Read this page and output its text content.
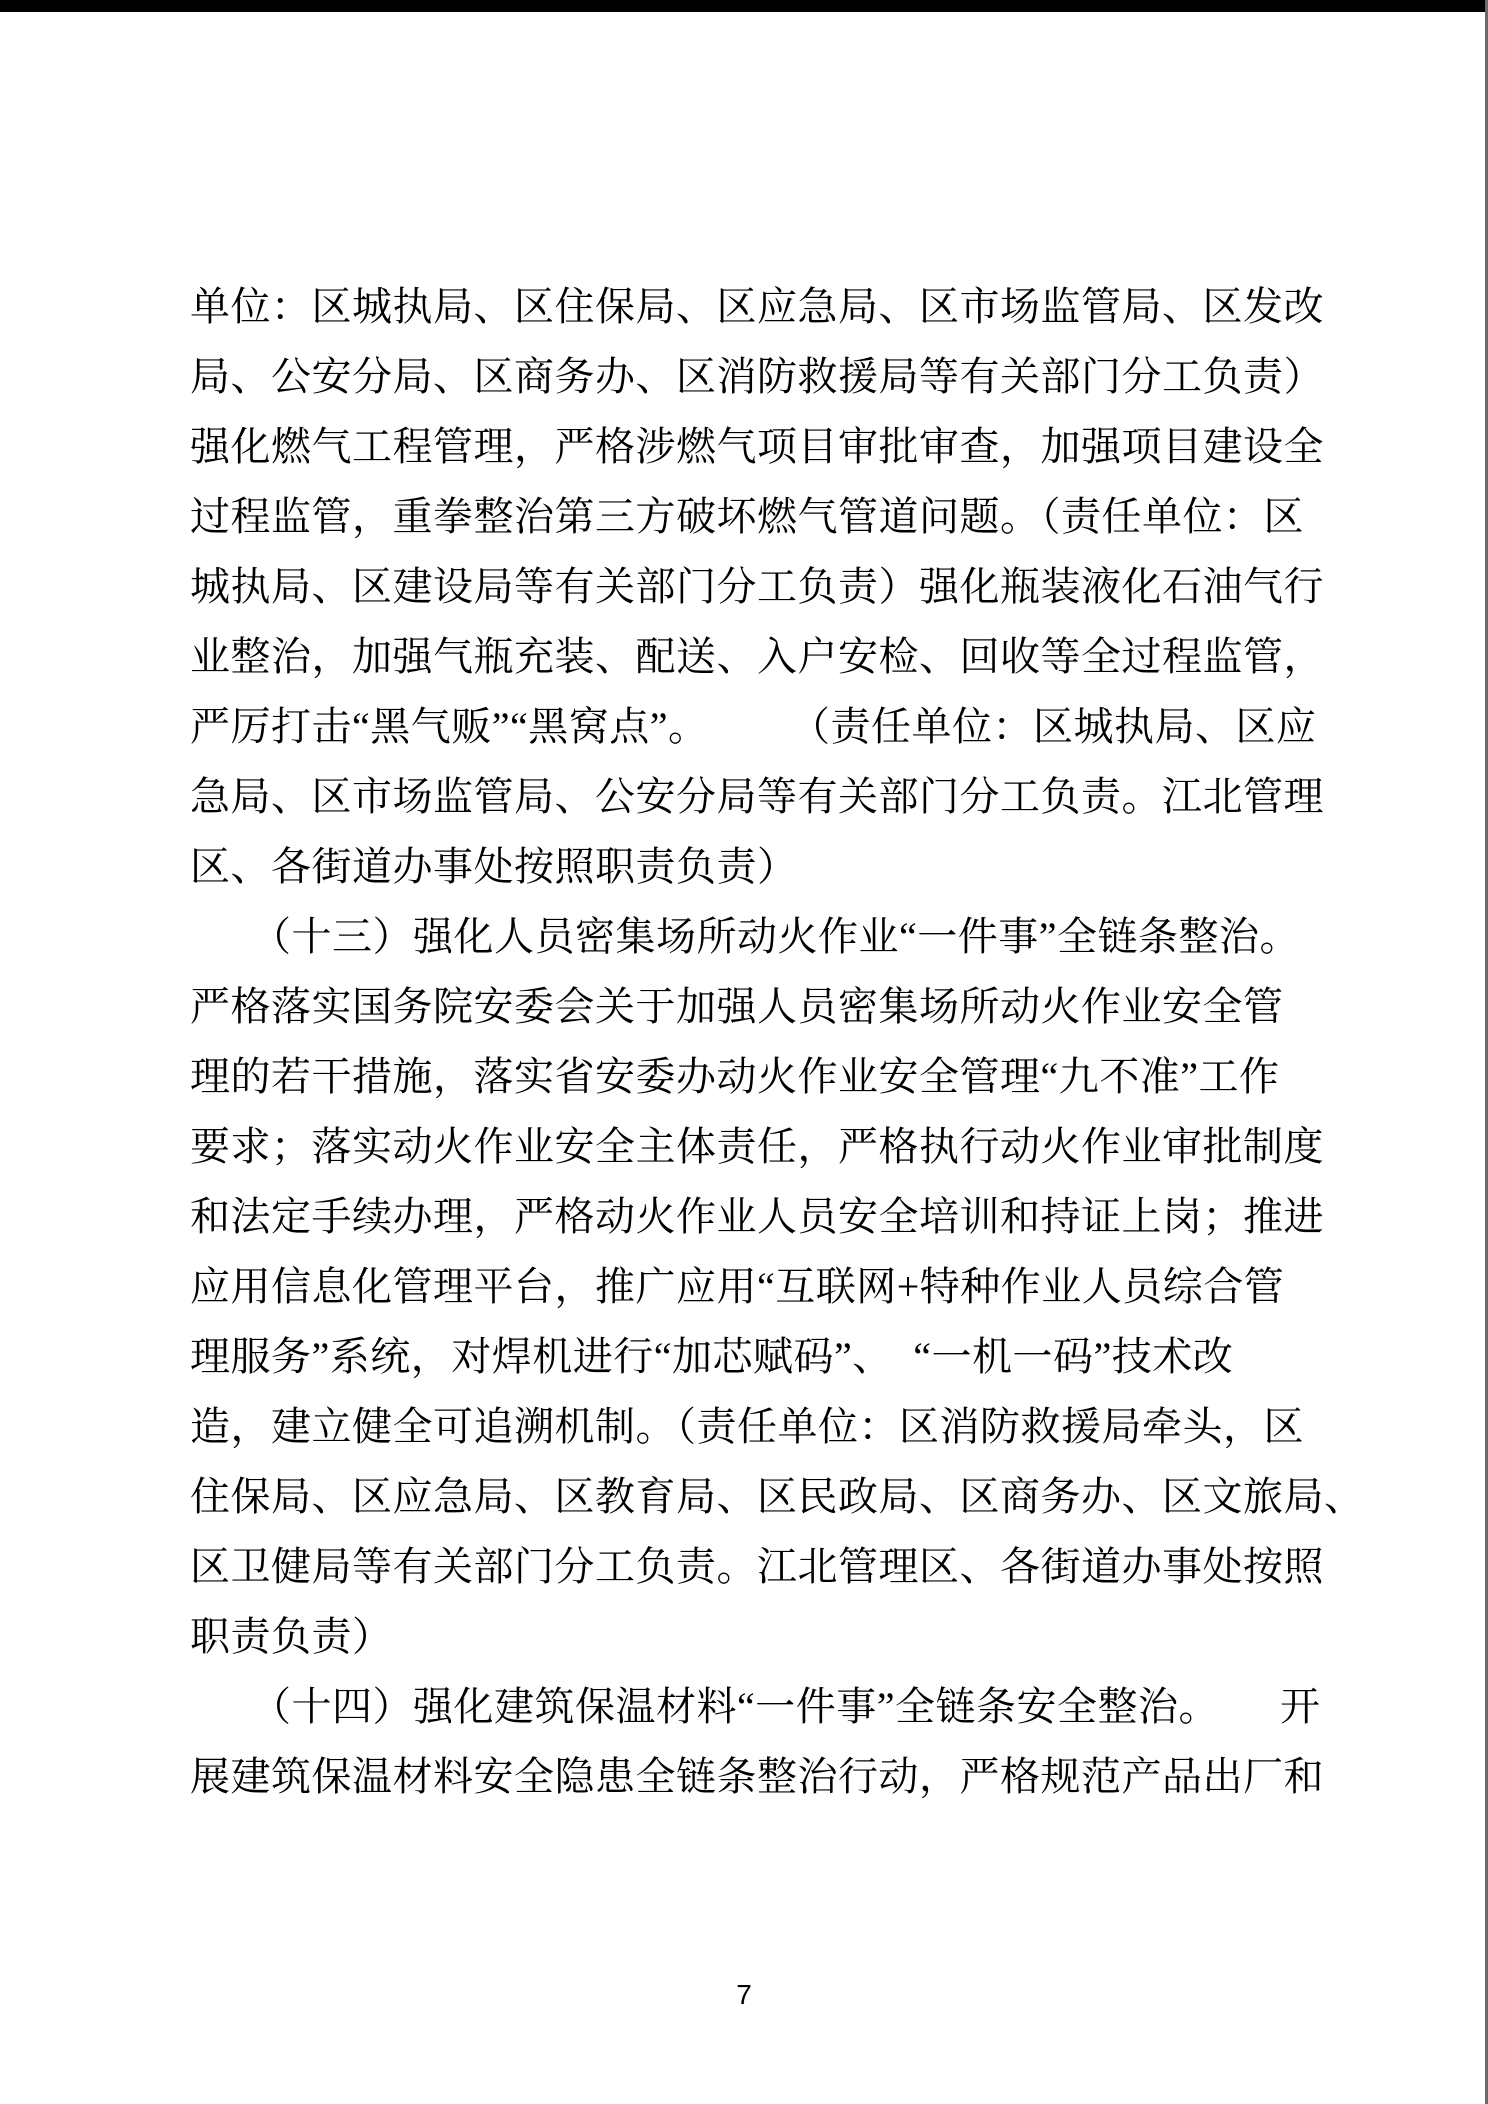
单位：区城执局、区住保局、区应急局、区市场监管局、区发改
局、公安分局、区商务办、区消防救援局等有关部门分工负责）
强化燃气工程管理，严格涉燃气项目审批审查，加强项目建设全
过程监管，重拳整治第三方破坏燃气管道问题。（责任单位：区
城执局、区建设局等有关部门分工负责）强化瓶装液化石油气行
业整治，加强气瓶充装、配送、入户安检、回收等全过程监管，
严厉打击“黑气贩”“黑窝点”。　　　（责任单位：区城执局、区应
急局、区市场监管局、公安分局等有关部门分工负责。江北管理
区、各街道办事处按照职责负责）
　　（十三）强化人员密集场所动火作业“一件事”全链条整治。
严格落实国务院安委会关于加强人员密集场所动火作业安全管
理的若干措施，落实省安委办动火作业安全管理“九不准”工作
要求；落实动火作业安全主体责任，严格执行动火作业审批制度
和法定手续办理，严格动火作业人员安全培训和持证上岗；推进
应用信息化管理平台，推广应用“互联网+特种作业人员综合管
理服务”系统，对焊机进行“加芯赋码”、　“一机一码”技术改
造，建立健全可追溯机制。（责任单位：区消防救援局牵头，区
住保局、区应急局、区教育局、区民政局、区商务办、区文旅局、
区卫健局等有关部门分工负责。江北管理区、各街道办事处按照
职责负责）
　　（十四）强化建筑保温材料“一件事”全链条安全整治。　　开
展建筑保温材料安全隐患全链条整治行动，严格规范产品出厂和
7
